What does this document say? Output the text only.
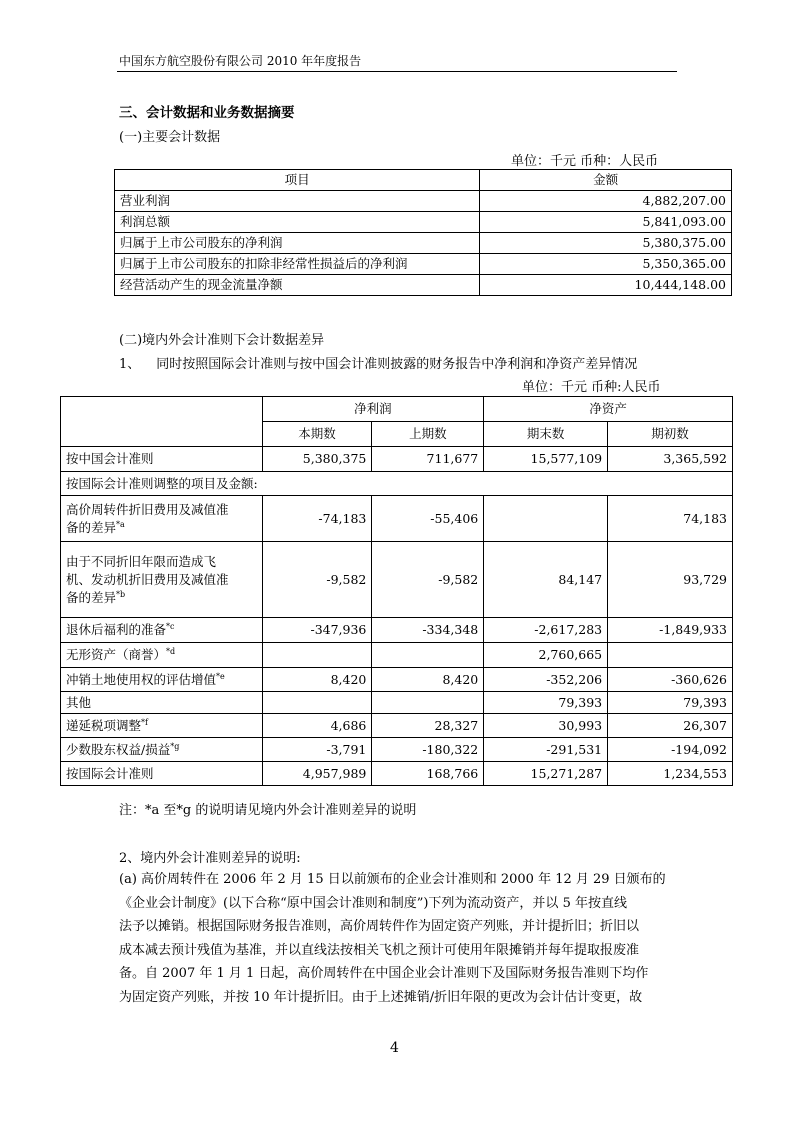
中国东方航空股份有限公司 2010 年年度报告
三、会计数据和业务数据摘要
(一)主要会计数据
单位：千元 币种：人民币
项目	金额
营业利润	4,882,207.00
利润总额	5,841,093.00
归属于上市公司股东的净利润	5,380,375.00
归属于上市公司股东的扣除非经常性损益后的净利润	5,350,365.00
经营活动产生的现金流量净额	10,444,148.00
(二)境内外会计准则下会计数据差异
1、 同时按照国际会计准则与按中国会计准则披露的财务报告中净利润和净资产差异情况
单位：千元 币种:人民币
	净利润		净资产	
	本期数	上期数	期末数	期初数
按中国会计准则	5,380,375	711,677	15,577,109	3,365,592
按国际会计准则调整的项目及金额:				
高价周转件折旧费用及减值准
备的差异$^{*a}$	-74,183	-55,406		74,183
由于不同折旧年限而造成飞
机、发动机折旧费用及减值准
备的差异$^{*b}$	-9,582	-9,582	84,147	93,729
退休后福利的准备$^{*c}$	-347,936	-334,348	-2,617,283	-1,849,933
无形资产（商誉）$^{*d}$			2,760,665	
冲销土地使用权的评估增值$^{*e}$	8,420	8,420	-352,206	-360,626
其他			79,393	79,393
递延税项调整$^{*f}$	4,686	28,327	30,993	26,307
少数股东权益/损益$^{*g}$	-3,791	-180,322	-291,531	-194,092
按国际会计准则	4,957,989	168,766	15,271,287	1,234,553
注：*a 至*g 的说明请见境内外会计准则差异的说明
2、境内外会计准则差异的说明:
(a) 高价周转件在 2006 年 2 月 15 日以前颁布的企业会计准则和 2000 年 12 月 29 日颁布的
《企业会计制度》(以下合称“原中国会计准则和制度”)下列为流动资产，并以 5 年按直线
法予以摊销。根据国际财务报告准则，高价周转件作为固定资产列账，并计提折旧；折旧以
成本减去预计残值为基准，并以直线法按相关飞机之预计可使用年限摊销并每年提取报废准
备。自 2007 年 1 月 1 日起，高价周转件在中国企业会计准则下及国际财务报告准则下均作
为固定资产列账，并按 10 年计提折旧。由于上述摊销/折旧年限的更改为会计估计变更，故
4
